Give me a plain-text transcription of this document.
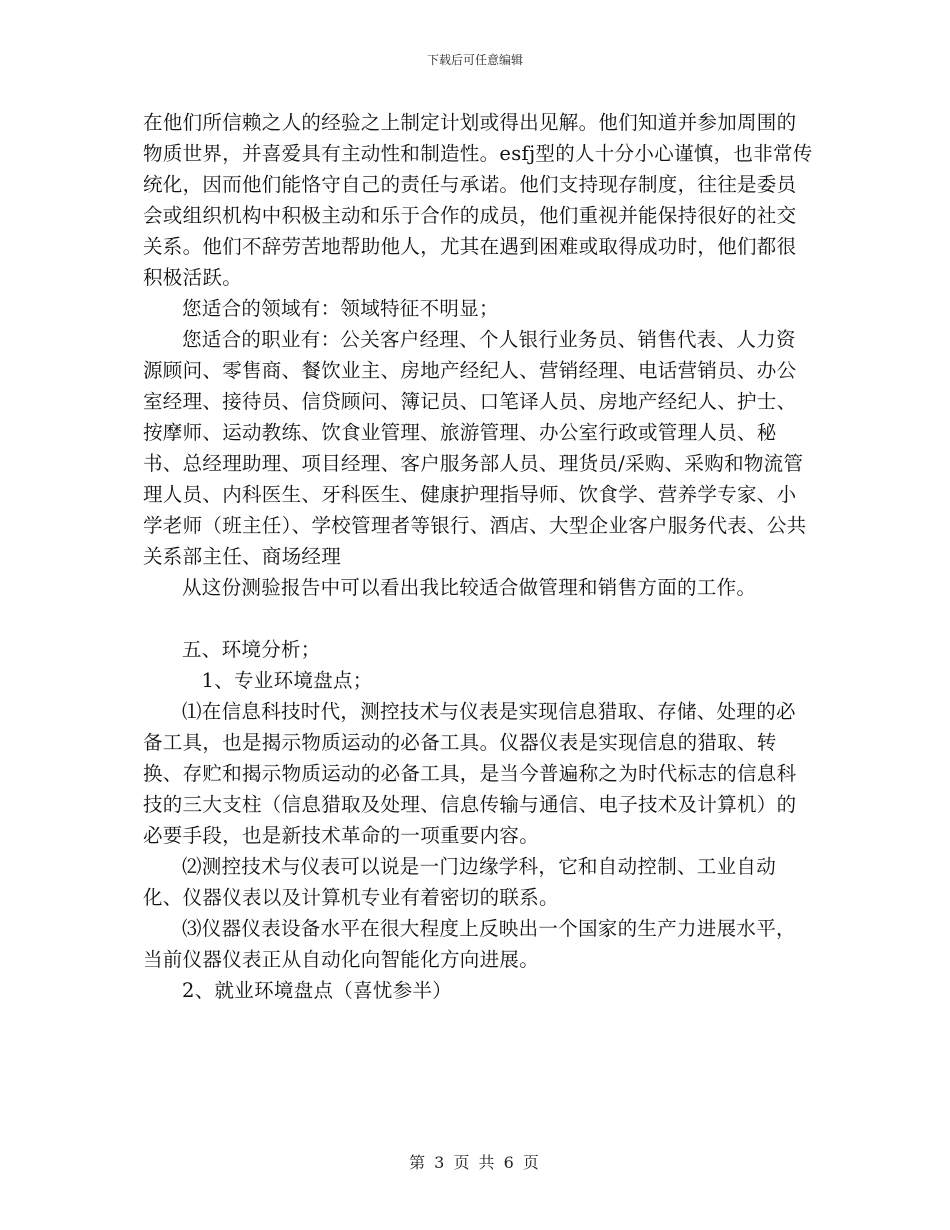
下载后可任意编辑

在他们所信赖之人的经验之上制定计划或得出见解。他们知道并参加周围的物质世界，并喜爱具有主动性和制造性。esfj型的人十分小心谨慎，也非常传统化，因而他们能恪守自己的责任与承诺。他们支持现存制度，往往是委员会或组织机构中积极主动和乐于合作的成员，他们重视并能保持很好的社交关系。他们不辞劳苦地帮助他人，尤其在遇到困难或取得成功时，他们都很积极活跃。

您适合的领域有：领域特征不明显；

您适合的职业有：公关客户经理、个人银行业务员、销售代表、人力资源顾问、零售商、餐饮业主、房地产经纪人、营销经理、电话营销员、办公室经理、接待员、信贷顾问、簿记员、口笔译人员、房地产经纪人、护士、按摩师、运动教练、饮食业管理、旅游管理、办公室行政或管理人员、秘书、总经理助理、项目经理、客户服务部人员、理货员/采购、采购和物流管理人员、内科医生、牙科医生、健康护理指导师、饮食学、营养学专家、小学老师（班主任）、学校管理者等银行、酒店、大型企业客户服务代表、公共关系部主任、商场经理

从这份测验报告中可以看出我比较适合做管理和销售方面的工作。

五、环境分析；

1、专业环境盘点；

⑴在信息科技时代，测控技术与仪表是实现信息猎取、存储、处理的必备工具，也是揭示物质运动的必备工具。仪器仪表是实现信息的猎取、转换、存贮和揭示物质运动的必备工具，是当今普遍称之为时代标志的信息科技的三大支柱（信息猎取及处理、信息传输与通信、电子技术及计算机）的必要手段，也是新技术革命的一项重要内容。

⑵测控技术与仪表可以说是一门边缘学科，它和自动控制、工业自动化、仪器仪表以及计算机专业有着密切的联系。

⑶仪器仪表设备水平在很大程度上反映出一个国家的生产力进展水平，当前仪器仪表正从自动化向智能化方向进展。

2、就业环境盘点（喜忧参半）

第 3 页 共 6 页
